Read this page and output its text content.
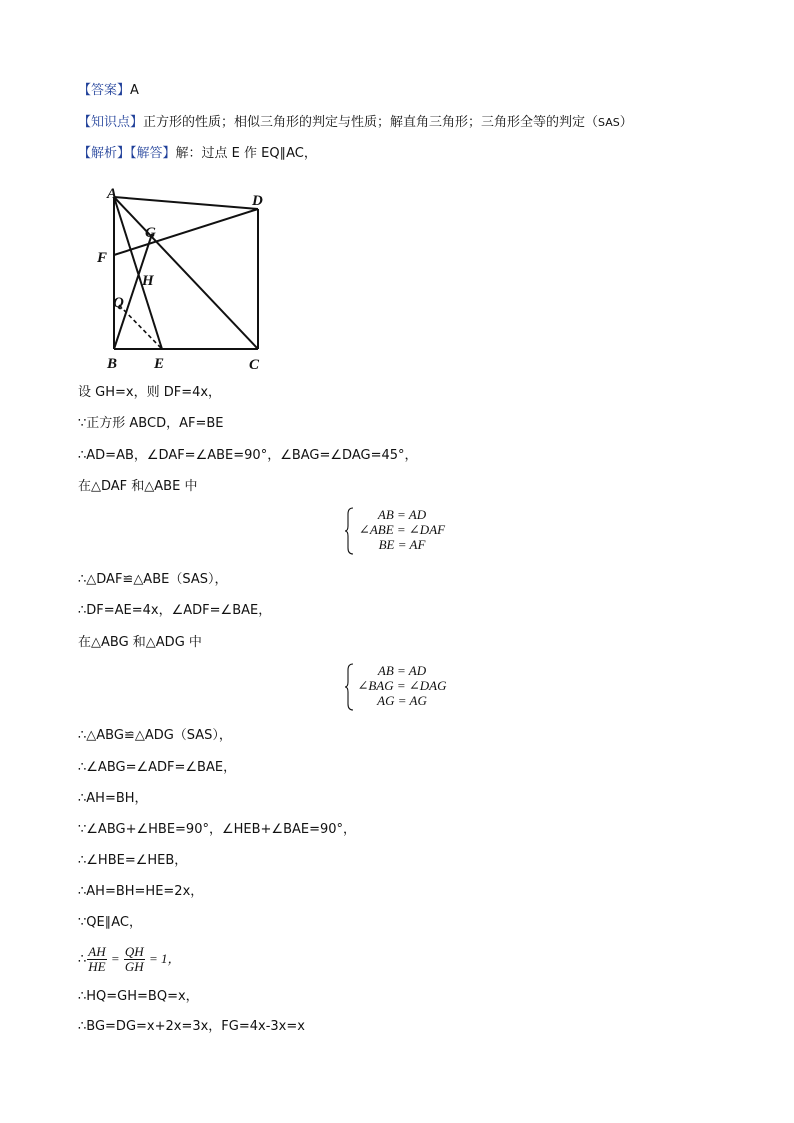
【答案】A
【知识点】正方形的性质；相似三角形的判定与性质；解直角三角形；三角形全等的判定（SAS）
【解析】【解答】解：过点 E 作 EQ∥AC，
A	D
G
F
H
Q
B E	C
设 GH=x，则 DF=4x，
∵正方形 ABCD，AF=BE
∴AD=AB，∠DAF=∠ABE=90°，∠BAG=∠DAG=45°，
在△DAF 和△ABE 中
AB = AD
∠ABE = ∠DAF
BE = AF
∴△DAF≌△ABE（SAS），
∴DF=AE=4x，∠ADF=∠BAE，
在△ABG 和△ADG 中
AB = AD
∠BAG = ∠DAG
AG = AG
∴△ABG≌△ADG（SAS），
∴∠ABG=∠ADF=∠BAE，
∴AH=BH，
∵∠ABG+∠HBE=90°，∠HEB+∠BAE=90°，
∴∠HBE=∠HEB，
∴AH=BH=HE=2x，
∵QE∥AC，
∴ $\frac{AH}{HE} = \frac{QH}{GH} = 1$，
∴HQ=GH=BQ=x，
∴BG=DG=x+2x=3x，FG=4x-3x=x
